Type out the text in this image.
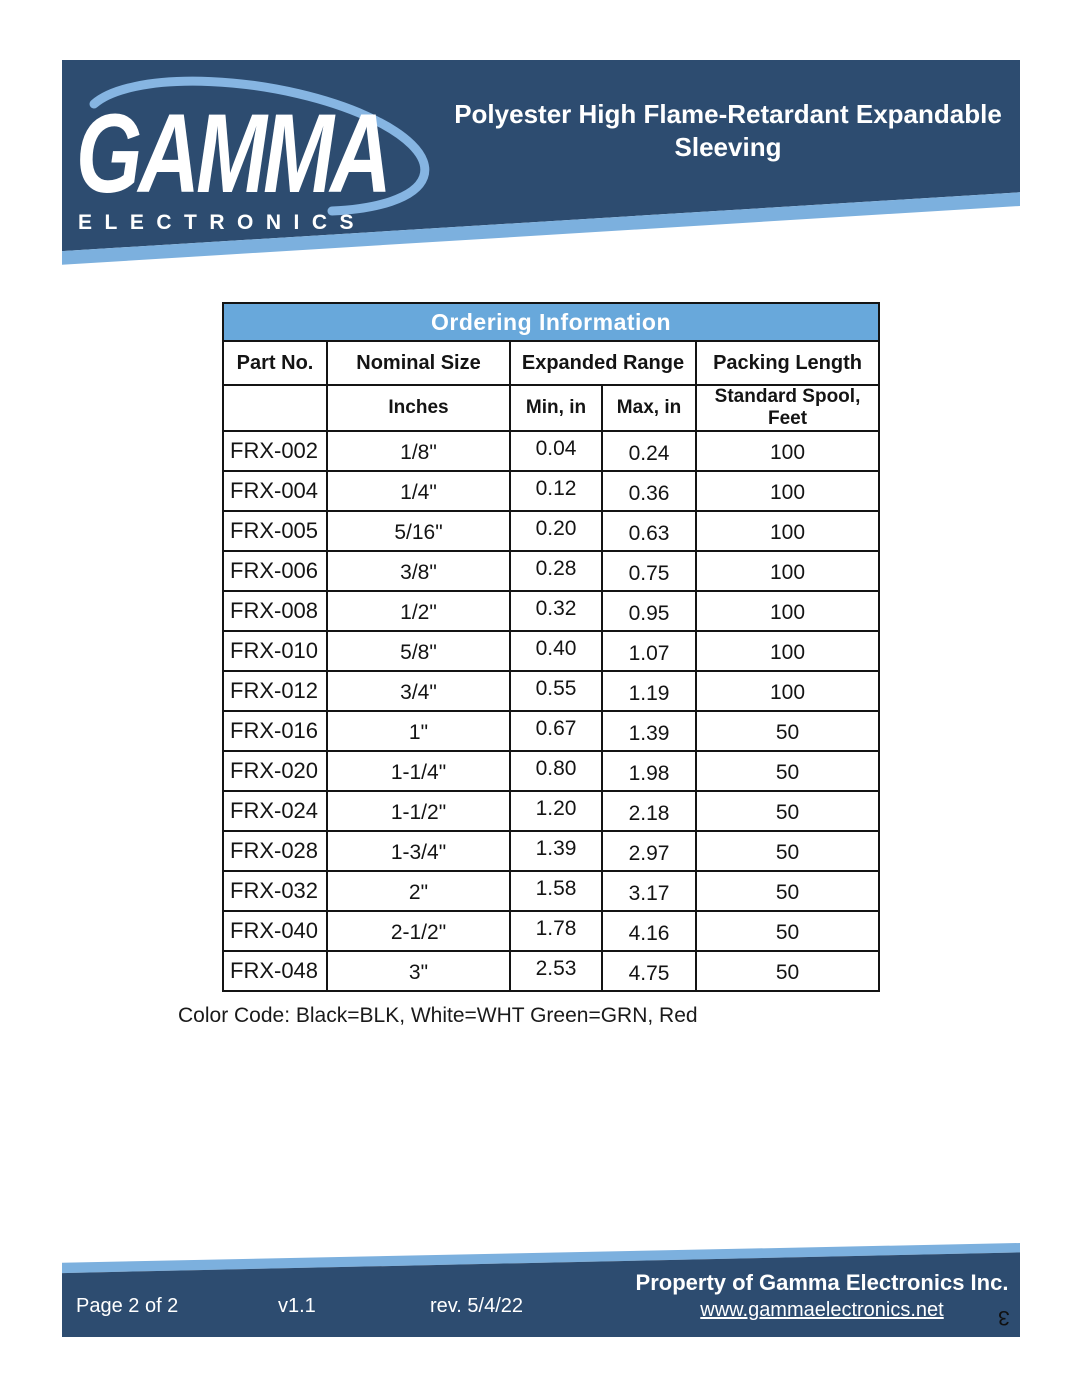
GAMMA
ELECTRONICS
Polyester High Flame-Retardant Expandable Sleeving
Ordering Information				
Part No.	Nominal Size	Expanded Range		Packing Length
	Inches	Min, in	Max, in	Standard Spool, Feet
FRX-002	1/8"	0.04	0.24	100
FRX-004	1/4"	0.12	0.36	100
FRX-005	5/16"	0.20	0.63	100
FRX-006	3/8"	0.28	0.75	100
FRX-008	1/2"	0.32	0.95	100
FRX-010	5/8"	0.40	1.07	100
FRX-012	3/4"	0.55	1.19	100
FRX-016	1"	0.67	1.39	50
FRX-020	1-1/4"	0.80	1.98	50
FRX-024	1-1/2"	1.20	2.18	50
FRX-028	1-3/4"	1.39	2.97	50
FRX-032	2"	1.58	3.17	50
FRX-040	2-1/2"	1.78	4.16	50
FRX-048	3"	2.53	4.75	50
Color Code: Black=BLK, White=WHT Green=GRN, Red
Page 2 of 2	v1.1	rev. 5/4/22
Property of Gamma Electronics Inc.
www.gammaelectronics.net	3
